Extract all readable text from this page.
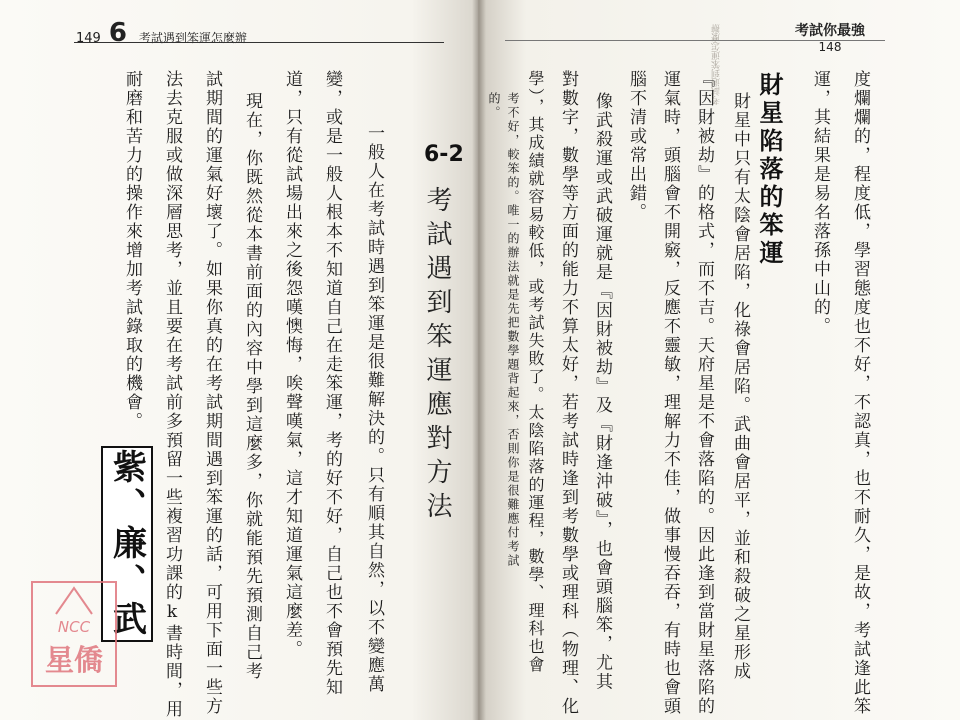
149 6 考試遇到笨運怎麼辦
6-2
考試遇到笨運應對方法
一般人在考試時遇到笨運是很難解決的。只有順其自然，以不變應萬
變，或是一般人根本不知道自己在走笨運，考的好不好，自己也不會預先知
道，只有從試場出來之後怨嘆懊悔，唉聲嘆氣，這才知道運氣這麼差。
現在，你既然從本書前面的內容中學到這麼多，你就能預先預測自己考
試期間的運氣好壞了。如果你真的在考試期間遇到笨運的話，可用下面一些方
法去克服或做深層思考，並且要在考試前多預留一些複習功課的k書時間，用
耐磨和苦力的操作來增加考試錄取的機會。
紫、廉、武
NCC
星僑
考試遇到笨運怎麼辦	考試你最強
148
度爛爛的，程度低，學習態度也不好，不認真，也不耐久，是故，考試逢此笨
運，其結果是易名落孫中山的。
財星陷落的笨運
財星中只有太陰會居陷，化祿會居陷。武曲會居平，並和殺破之星形成
『因財被劫』的格式，而不吉。天府星是不會落陷的。因此逢到當財星落陷的
運氣時，頭腦會不開竅，反應不靈敏，理解力不佳，做事慢吞吞，有時也會頭
腦不清或常出錯。
像武殺運或武破運就是『因財被劫』及『財逢沖破』，也會頭腦笨，尤其
對數字，數學等方面的能力不算太好，若考試時逢到考數學或理科（物理、化
學），其成績就容易較低，或考試失敗了。太陰陷落的運程，數學、理科也會
考不好，較笨的。唯一的辦法就是先把數學題背起來，否則你是很難應付考試
的。
